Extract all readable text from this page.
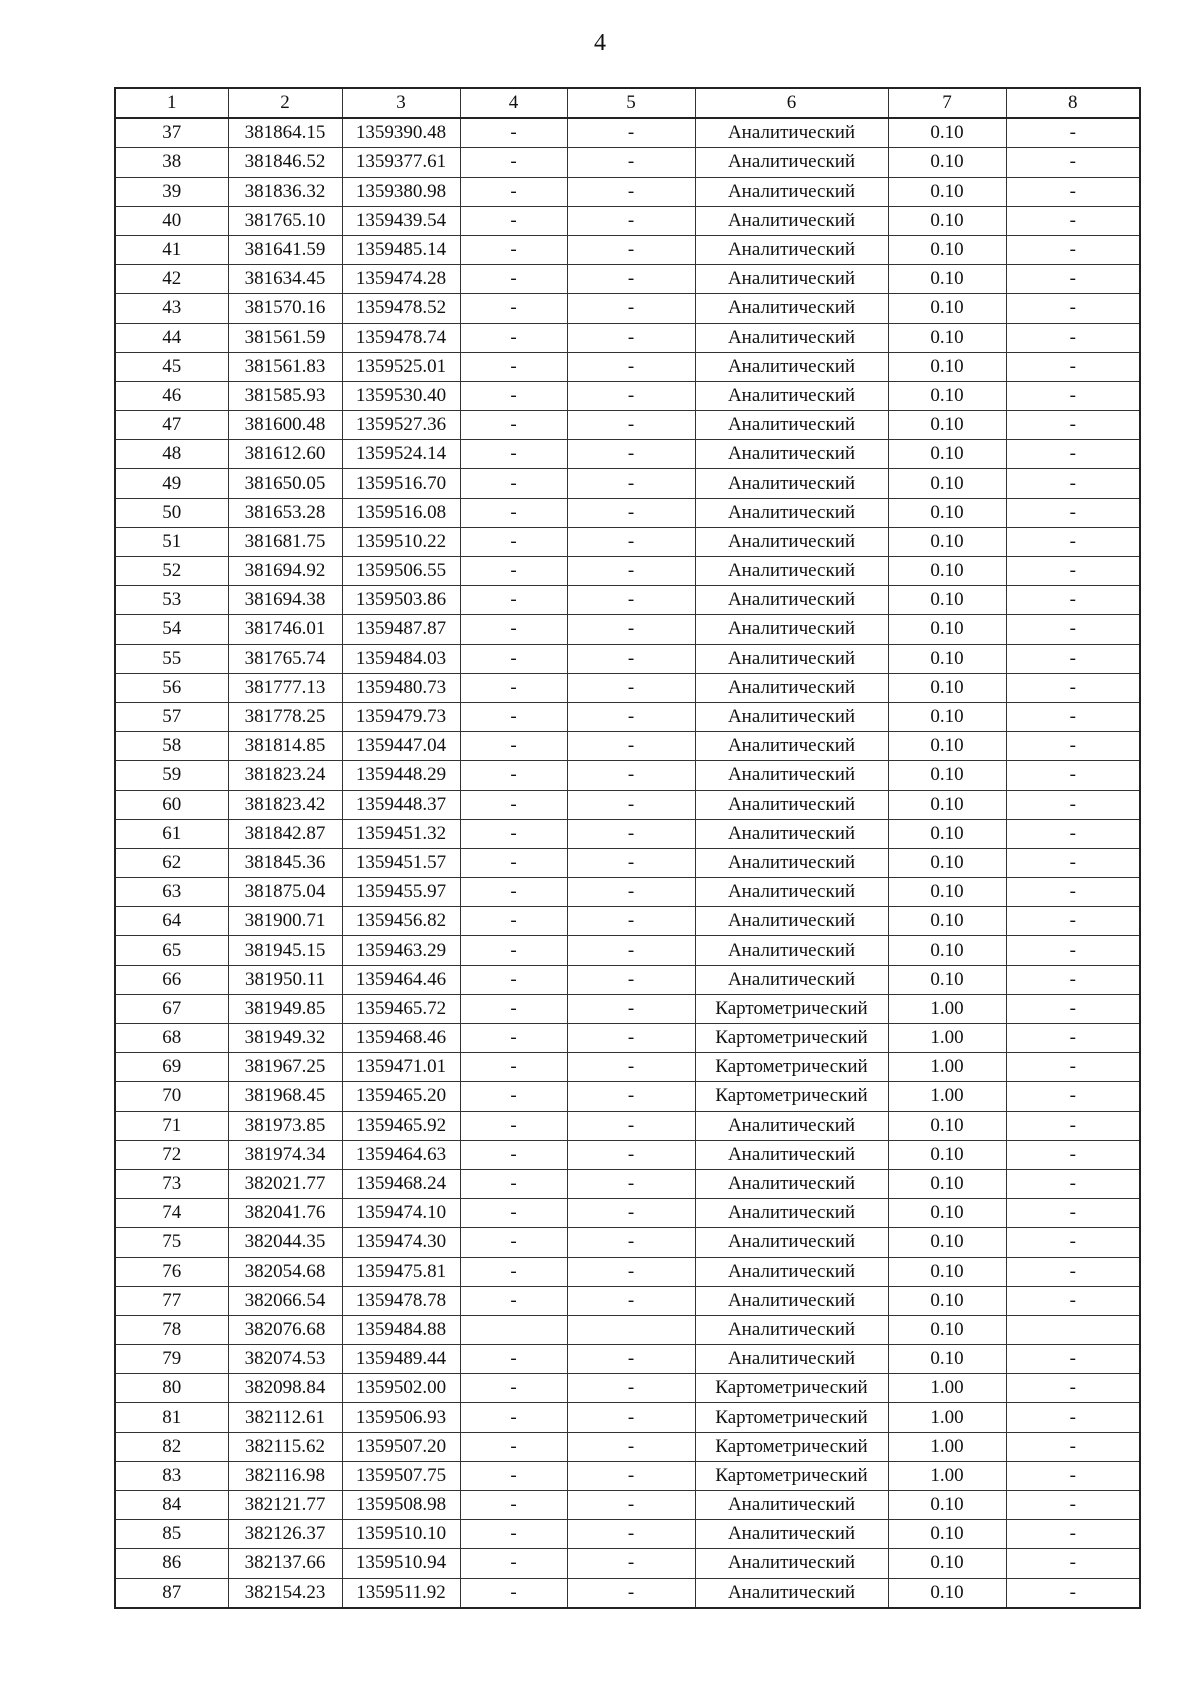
4
1	2	3	4	5	6	7	8
37	381864.15	1359390.48	-	-	Аналитический	0.10	-
38	381846.52	1359377.61	-	-	Аналитический	0.10	-
39	381836.32	1359380.98	-	-	Аналитический	0.10	-
40	381765.10	1359439.54	-	-	Аналитический	0.10	-
41	381641.59	1359485.14	-	-	Аналитический	0.10	-
42	381634.45	1359474.28	-	-	Аналитический	0.10	-
43	381570.16	1359478.52	-	-	Аналитический	0.10	-
44	381561.59	1359478.74	-	-	Аналитический	0.10	-
45	381561.83	1359525.01	-	-	Аналитический	0.10	-
46	381585.93	1359530.40	-	-	Аналитический	0.10	-
47	381600.48	1359527.36	-	-	Аналитический	0.10	-
48	381612.60	1359524.14	-	-	Аналитический	0.10	-
49	381650.05	1359516.70	-	-	Аналитический	0.10	-
50	381653.28	1359516.08	-	-	Аналитический	0.10	-
51	381681.75	1359510.22	-	-	Аналитический	0.10	-
52	381694.92	1359506.55	-	-	Аналитический	0.10	-
53	381694.38	1359503.86	-	-	Аналитический	0.10	-
54	381746.01	1359487.87	-	-	Аналитический	0.10	-
55	381765.74	1359484.03	-	-	Аналитический	0.10	-
56	381777.13	1359480.73	-	-	Аналитический	0.10	-
57	381778.25	1359479.73	-	-	Аналитический	0.10	-
58	381814.85	1359447.04	-	-	Аналитический	0.10	-
59	381823.24	1359448.29	-	-	Аналитический	0.10	-
60	381823.42	1359448.37	-	-	Аналитический	0.10	-
61	381842.87	1359451.32	-	-	Аналитический	0.10	-
62	381845.36	1359451.57	-	-	Аналитический	0.10	-
63	381875.04	1359455.97	-	-	Аналитический	0.10	-
64	381900.71	1359456.82	-	-	Аналитический	0.10	-
65	381945.15	1359463.29	-	-	Аналитический	0.10	-
66	381950.11	1359464.46	-	-	Аналитический	0.10	-
67	381949.85	1359465.72	-	-	Картометрический	1.00	-
68	381949.32	1359468.46	-	-	Картометрический	1.00	-
69	381967.25	1359471.01	-	-	Картометрический	1.00	-
70	381968.45	1359465.20	-	-	Картометрический	1.00	-
71	381973.85	1359465.92	-	-	Аналитический	0.10	-
72	381974.34	1359464.63	-	-	Аналитический	0.10	-
73	382021.77	1359468.24	-	-	Аналитический	0.10	-
74	382041.76	1359474.10	-	-	Аналитический	0.10	-
75	382044.35	1359474.30	-	-	Аналитический	0.10	-
76	382054.68	1359475.81	-	-	Аналитический	0.10	-
77	382066.54	1359478.78	-	-	Аналитический	0.10	-
78	382076.68	1359484.88			Аналитический	0.10	
79	382074.53	1359489.44	-	-	Аналитический	0.10	-
80	382098.84	1359502.00	-	-	Картометрический	1.00	-
81	382112.61	1359506.93	-	-	Картометрический	1.00	-
82	382115.62	1359507.20	-	-	Картометрический	1.00	-
83	382116.98	1359507.75	-	-	Картометрический	1.00	-
84	382121.77	1359508.98	-	-	Аналитический	0.10	-
85	382126.37	1359510.10	-	-	Аналитический	0.10	-
86	382137.66	1359510.94	-	-	Аналитический	0.10	-
87	382154.23	1359511.92	-	-	Аналитический	0.10	-
